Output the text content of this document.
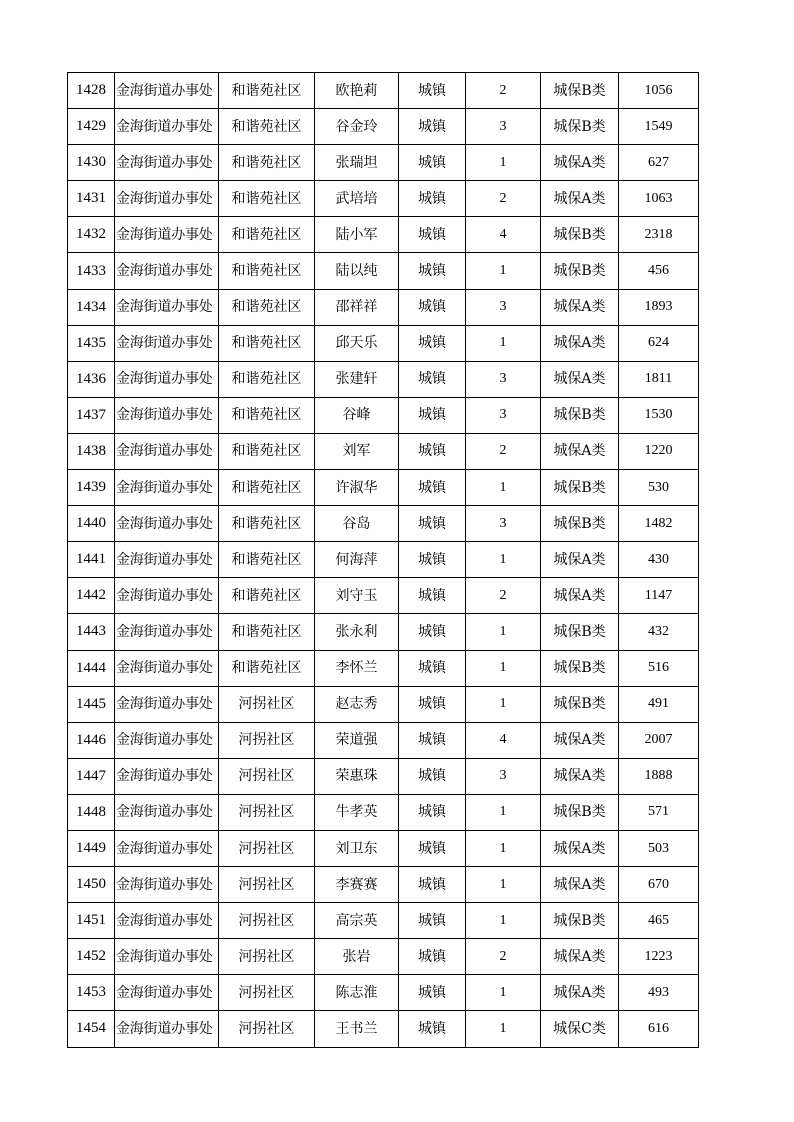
1428	金海街道办事处	和谐苑社区	欧艳莉	城镇	2	城保B类	1056
1429	金海街道办事处	和谐苑社区	谷金玲	城镇	3	城保B类	1549
1430	金海街道办事处	和谐苑社区	张瑞坦	城镇	1	城保A类	627
1431	金海街道办事处	和谐苑社区	武培培	城镇	2	城保A类	1063
1432	金海街道办事处	和谐苑社区	陆小军	城镇	4	城保B类	2318
1433	金海街道办事处	和谐苑社区	陆以纯	城镇	1	城保B类	456
1434	金海街道办事处	和谐苑社区	邵祥祥	城镇	3	城保A类	1893
1435	金海街道办事处	和谐苑社区	邱天乐	城镇	1	城保A类	624
1436	金海街道办事处	和谐苑社区	张建轩	城镇	3	城保A类	1811
1437	金海街道办事处	和谐苑社区	谷峰	城镇	3	城保B类	1530
1438	金海街道办事处	和谐苑社区	刘军	城镇	2	城保A类	1220
1439	金海街道办事处	和谐苑社区	许淑华	城镇	1	城保B类	530
1440	金海街道办事处	和谐苑社区	谷岛	城镇	3	城保B类	1482
1441	金海街道办事处	和谐苑社区	何海萍	城镇	1	城保A类	430
1442	金海街道办事处	和谐苑社区	刘守玉	城镇	2	城保A类	1147
1443	金海街道办事处	和谐苑社区	张永利	城镇	1	城保B类	432
1444	金海街道办事处	和谐苑社区	李怀兰	城镇	1	城保B类	516
1445	金海街道办事处	河拐社区	赵志秀	城镇	1	城保B类	491
1446	金海街道办事处	河拐社区	荣道强	城镇	4	城保A类	2007
1447	金海街道办事处	河拐社区	荣惠珠	城镇	3	城保A类	1888
1448	金海街道办事处	河拐社区	牛孝英	城镇	1	城保B类	571
1449	金海街道办事处	河拐社区	刘卫东	城镇	1	城保A类	503
1450	金海街道办事处	河拐社区	李赛赛	城镇	1	城保A类	670
1451	金海街道办事处	河拐社区	高宗英	城镇	1	城保B类	465
1452	金海街道办事处	河拐社区	张岩	城镇	2	城保A类	1223
1453	金海街道办事处	河拐社区	陈志淮	城镇	1	城保A类	493
1454	金海街道办事处	河拐社区	王书兰	城镇	1	城保C类	616
